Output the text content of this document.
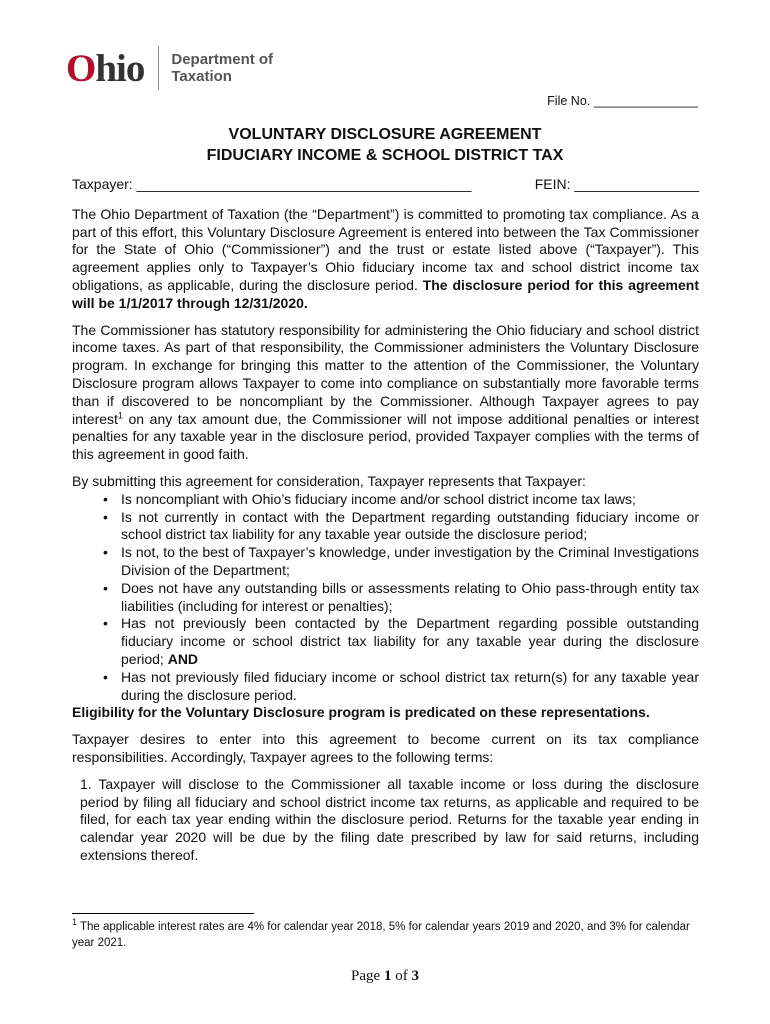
O hio Department of
Taxation
File No. _______________
VOLUNTARY DISCLOSURE AGREEMENT
FIDUCIARY INCOME & SCHOOL DISTRICT TAX
Taxpayer: ___________________________________________	FEIN: ________________

The Ohio Department of Taxation (the “Department”) is committed to promoting tax compliance. As a part of this effort, this Voluntary Disclosure Agreement is entered into between the Tax Commissioner for the State of Ohio (“Commissioner”) and the trust or estate listed above (“Taxpayer”). This agreement applies only to Taxpayer’s Ohio fiduciary income tax and school district income tax obligations, as applicable, during the disclosure period. The disclosure period for this agreement will be 1/1/2017 through 12/31/2020.

The Commissioner has statutory responsibility for administering the Ohio fiduciary and school district income taxes. As part of that responsibility, the Commissioner administers the Voluntary Disclosure program. In exchange for bringing this matter to the attention of the Commissioner, the Voluntary Disclosure program allows Taxpayer to come into compliance on substantially more favorable terms than if discovered to be noncompliant by the Commissioner. Although Taxpayer agrees to pay interest$^1$ on any tax amount due, the Commissioner will not impose additional penalties or interest penalties for any taxable year in the disclosure period, provided Taxpayer complies with the terms of this agreement in good faith.

By submitting this agreement for consideration, Taxpayer represents that Taxpayer:

• Is noncompliant with Ohio’s fiduciary income and/or school district income tax laws;
• Is not currently in contact with the Department regarding outstanding fiduciary income or school district tax liability for any taxable year outside the disclosure period;
• Is not, to the best of Taxpayer’s knowledge, under investigation by the Criminal Investigations Division of the Department;
• Does not have any outstanding bills or assessments relating to Ohio pass-through entity tax liabilities (including for interest or penalties);
• Has not previously been contacted by the Department regarding possible outstanding fiduciary income or school district tax liability for any taxable year during the disclosure period; AND
• Has not previously filed fiduciary income or school district tax return(s) for any taxable year during the disclosure period.

Eligibility for the Voluntary Disclosure program is predicated on these representations.

Taxpayer desires to enter into this agreement to become current on its tax compliance responsibilities. Accordingly, Taxpayer agrees to the following terms:

1. Taxpayer will disclose to the Commissioner all taxable income or loss during the disclosure period by filing all fiduciary and school district income tax returns, as applicable and required to be filed, for each tax year ending within the disclosure period. Returns for the taxable year ending in calendar year 2020 will be due by the filing date prescribed by law for said returns, including extensions thereof.

$^1$ The applicable interest rates are 4% for calendar year 2018, 5% for calendar years 2019 and 2020, and 3% for calendar year 2021.
Page 1 of 3
